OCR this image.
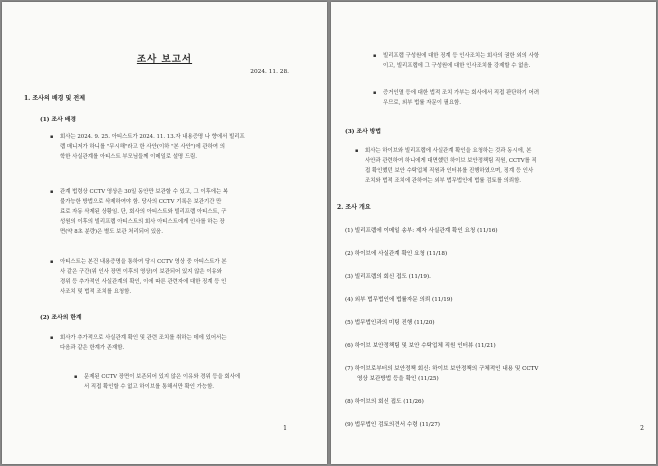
조사 보고서
2024. 11. 28.
1. 조사의 배경 및 전제
(1) 조사 배경
▪ 회사는 2024. 9. 25. 아티스트가 2024. 11. 13.자 내용증명 나 향에서 빌리프
랩 매니저가 하니를 "무시해"라고 한 사안(이하 "본 사안")에 관하여 의
학한 사실관계를 아티스트 부모님들께 이메일로 설명 드림.
▪ 관계 법령상 CCTV 영상은 30일 동안만 보관할 수 있고, 그 이후에는 복
불가능한 방법으로 삭제하여야 함. 당사의 CCTV 기록은 보관기간 만
료로 자동 삭제된 상황임. 단, 회사의 아티스트와 빌리프랩 아티스트, 구
성원의 이후의 빌리프랩 아티스트의 회사 아티스트에게 인사를 하는 장
면(약 8초 분량)은 별도 보관 처리되어 있음.
▪ 아티스트는 본건 내용증명을 통하여 당시 CCTV 영상 중 아티스트가 본
사 같은 구간(위 인사 장면 이후의 영상)이 보관되어 있지 않은 이유와
경위 등 추가적인 사실관계의 확인, 이에 따른 관련자에 대한 징계 등 인
사조치 및 법적 조치를 요청함.
(2) 조사의 한계
▪ 회사가 추가적으로 사실관계 확인 및 관련 조치를 취하는 데에 있어서는
다음과 같은 한계가 존재함.
▪ 문제된 CCTV 장면이 보존되어 있지 않은 이유와 경위 등을 회사에
서 직접 확인할 수 없고 하이브를 통해서만 확인 가능함.
1
▪ 빌리프랩 구성원에 대한 징계 등 인사조치는 회사의 권한 외의 사항
이고, 빌리프랩에 그 구성원에 대한 인사조치를 강제할 수 없음.
▪ 증거인멸 등에 대한 법적 조치 가부는 회사에서 직접 판단하기 어려
우므로, 외부 법률 자문이 필요함.
(3) 조사 방법
▪ 회사는 하이브와 빌리프랩에 사실관계 확인을 요청하는 것과 동시에, 본
사안과 관련하여 하니에게 대면했던 하이브 보안정책팀 직원, CCTV를 직
접 확인했던 보안 수탁업체 직원과 인터뷰를 진행하였으며, 징계 등 인사
조치와 법적 조치에 관하여는 외부 법무법인에 법률 검토를 의뢰함.
2. 조사 개요
(1) 빌리프랩에 이메일 송부: 제자 사실관계 확인 요청 (11/16)
(2) 하이브에 사실관계 확인 요청 (11/18)
(3) 빌리프랩의 회신 접도 (11/19).
(4) 외부 법무법인에 법률자문 의뢰 (11/19)
(5) 법무법인과의 미팅 진행 (11/20)
(6) 하이브 보안정책팀 및 보안 수탁업체 직원 인터뷰 (11/21)
(7) 하이브로부터의 보안정책 회신: 하이브 보안정책의 구체적인 내용 및 CCTV
영상 보관방법 등을 확인 (11/25)
(8) 하이브의 회신 접도 (11/26)
(9) 법무법인 검토의견서 수령 (11/27)	2
